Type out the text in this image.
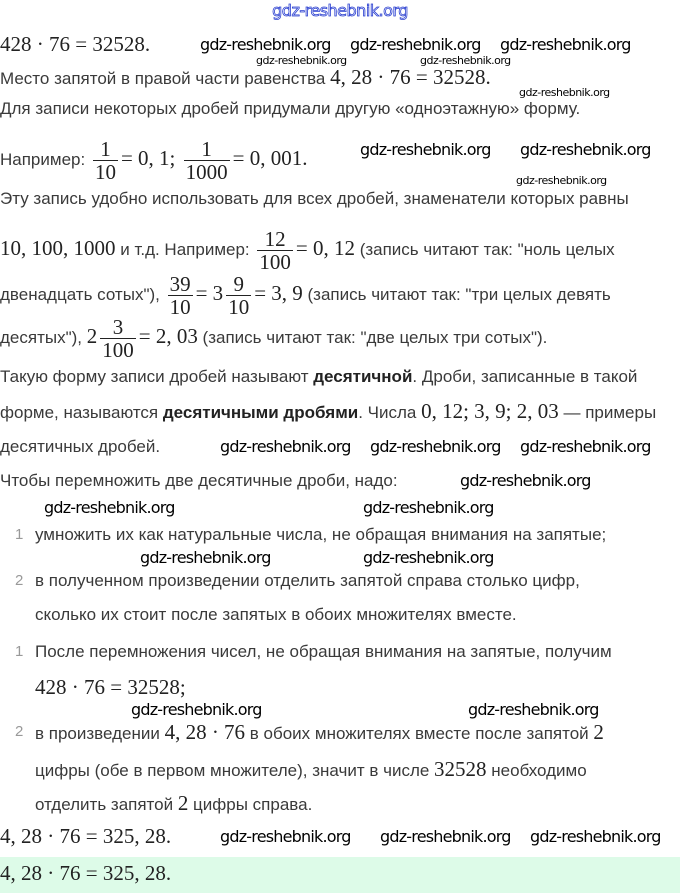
gdz-reshebnik.org
428 · 76 = 32528.
Место запятой в правой части равенства 4, 28 · 76 = 32528.
Для записи некоторых дробей придумали другую «одноэтажную» форму.
Например: $\frac{1}{10} = 0$, 1; $\frac{1}{1000} = 0$, 001.
Эту запись удобно использовать для всех дробей, знаменатели которых равны
10, 100, 1000 и т.д. Например: $\frac{12}{100} = 0$, 12 (запись читают так: "ноль целых
двенадцать сотых"), $\frac{39}{10} = 3 \frac{9}{10} = 3$, 9 (запись читают так: "три целых девять
десятых"), $2 \frac{3}{100} = 2$, 03 (запись читают так: "две целых три сотых").
Такую форму записи дробей называют десятичной. Дроби, записанные в такой
форме, называются десятичными дробями. Числа 0, 12; 3, 9; 2, 03 — примеры
десятичных дробей.
Чтобы перемножить две десятичные дроби, надо:
1 умножить их как натуральные числа, не обращая внимания на запятые;
2 в полученном произведении отделить запятой справа столько цифр,
сколько их стоит после запятых в обоих множителях вместе.
1 После перемножения чисел, не обращая внимания на запятые, получим
428 · 76 = 32528;
2 в произведении 4, 28 · 76 в обоих множителях вместе после запятой 2
цифры (обе в первом множителе), значит в числе 32528 необходимо
отделить запятой 2 цифры справа.
4, 28 · 76 = 325, 28.
4, 28 · 76 = 325, 28.
gdz-reshebnik.org gdz-reshebnik.org gdz-reshebnik.org
gdz-reshebnik.org	gdz-reshebnik.org
gdz-reshebnik.org
gdz-reshebnik.org gdz-reshebnik.org
gdz-reshebnik.org
gdz-reshebnik.org gdz-reshebnik.org gdz-reshebnik.org
gdz-reshebnik.org
gdz-reshebnik.org	gdz-reshebnik.org
gdz-reshebnik.org	gdz-reshebnik.org
gdz-reshebnik.org	gdz-reshebnik.org
gdz-reshebnik.org gdz-reshebnik.org gdz-reshebnik.org
